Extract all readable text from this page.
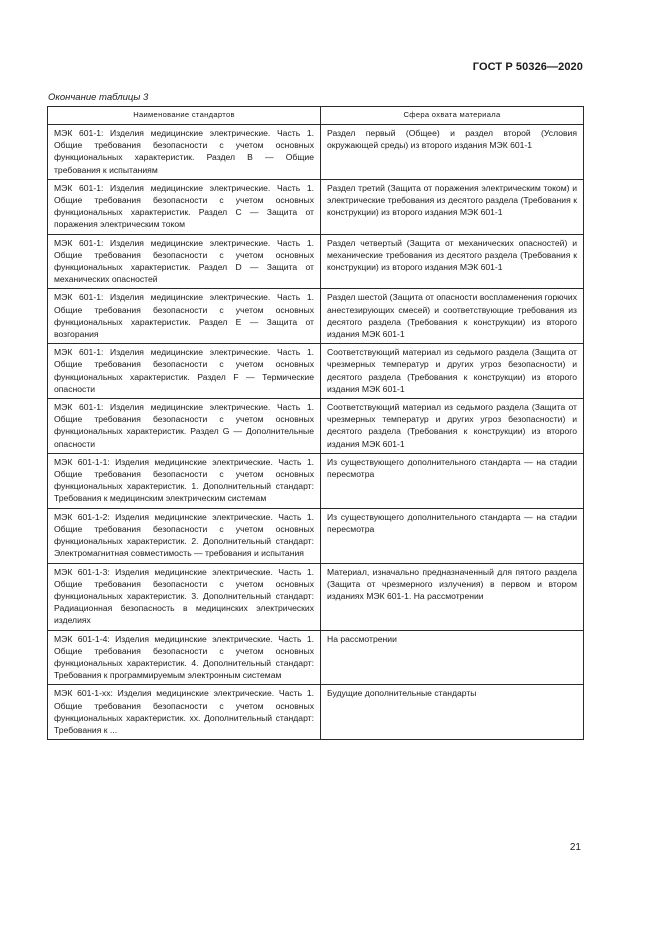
ГОСТ Р 50326—2020
Окончание таблицы 3
Наименование стандартов	Сфера охвата материала
МЭК 601-1: Изделия медицинские электрические. Часть 1. Общие требования безопасности с учетом основных функциональных характеристик. Раздел B — Общие требования к испытаниям	Раздел первый (Общее) и раздел второй (Условия окружающей среды) из второго издания МЭК 601-1
МЭК 601-1: Изделия медицинские электрические. Часть 1. Общие требования безопасности с учетом основных функциональных характеристик. Раздел C — Защита от поражения электрическим током	Раздел третий (Защита от поражения электрическим током) и электрические требования из десятого раздела (Требования к конструкции) из второго издания МЭК 601-1
МЭК 601-1: Изделия медицинские электрические. Часть 1. Общие требования безопасности с учетом основных функциональных характеристик. Раздел D — Защита от механических опасностей	Раздел четвертый (Защита от механических опасностей) и механические требования из десятого раздела (Требования к конструкции) из второго издания МЭК 601-1
МЭК 601-1: Изделия медицинские электрические. Часть 1. Общие требования безопасности с учетом основных функциональных характеристик. Раздел E — Защита от возгорания	Раздел шестой (Защита от опасности воспламенения горючих анестезирующих смесей) и соответствующие требования из десятого раздела (Требования к конструкции) из второго издания МЭК 601-1
МЭК 601-1: Изделия медицинские электрические. Часть 1. Общие требования безопасности с учетом основных функциональных характеристик. Раздел F — Термические опасности	Соответствующий материал из седьмого раздела (Защита от чрезмерных температур и других угроз безопасности) и десятого раздела (Требования к конструкции) из второго издания МЭК 601-1
МЭК 601-1: Изделия медицинские электрические. Часть 1. Общие требования безопасности с учетом основных функциональных характеристик. Раздел G — Дополнительные опасности	Соответствующий материал из седьмого раздела (Защита от чрезмерных температур и других угроз безопасности) и десятого раздела (Требования к конструкции) из второго издания МЭК 601-1
МЭК 601-1-1: Изделия медицинские электрические. Часть 1. Общие требования безопасности с учетом основных функциональных характеристик. 1. Дополнительный стандарт: Требования к медицинским электрическим системам	Из существующего дополнительного стандарта — на стадии пересмотра
МЭК 601-1-2: Изделия медицинские электрические. Часть 1. Общие требования безопасности с учетом основных функциональных характеристик. 2. Дополнительный стандарт: Электромагнитная совместимость — требования и испытания	Из существующего дополнительного стандарта — на стадии пересмотра
МЭК 601-1-3: Изделия медицинские электрические. Часть 1. Общие требования безопасности с учетом основных функциональных характеристик. 3. Дополнительный стандарт: Радиационная безопасность в медицинских электрических изделиях	Материал, изначально предназначенный для пятого раздела (Защита от чрезмерного излучения) в первом и втором изданиях МЭК 601-1. На рассмотрении
МЭК 601-1-4: Изделия медицинские электрические. Часть 1. Общие требования безопасности с учетом основных функциональных характеристик. 4. Дополнительный стандарт: Требования к программируемым электронным системам	На рассмотрении
МЭК 601-1-xx: Изделия медицинские электрические. Часть 1. Общие требования безопасности с учетом основных функциональных характеристик. xx. Дополнительный стандарт: Требования к ...	Будущие дополнительные стандарты
21
